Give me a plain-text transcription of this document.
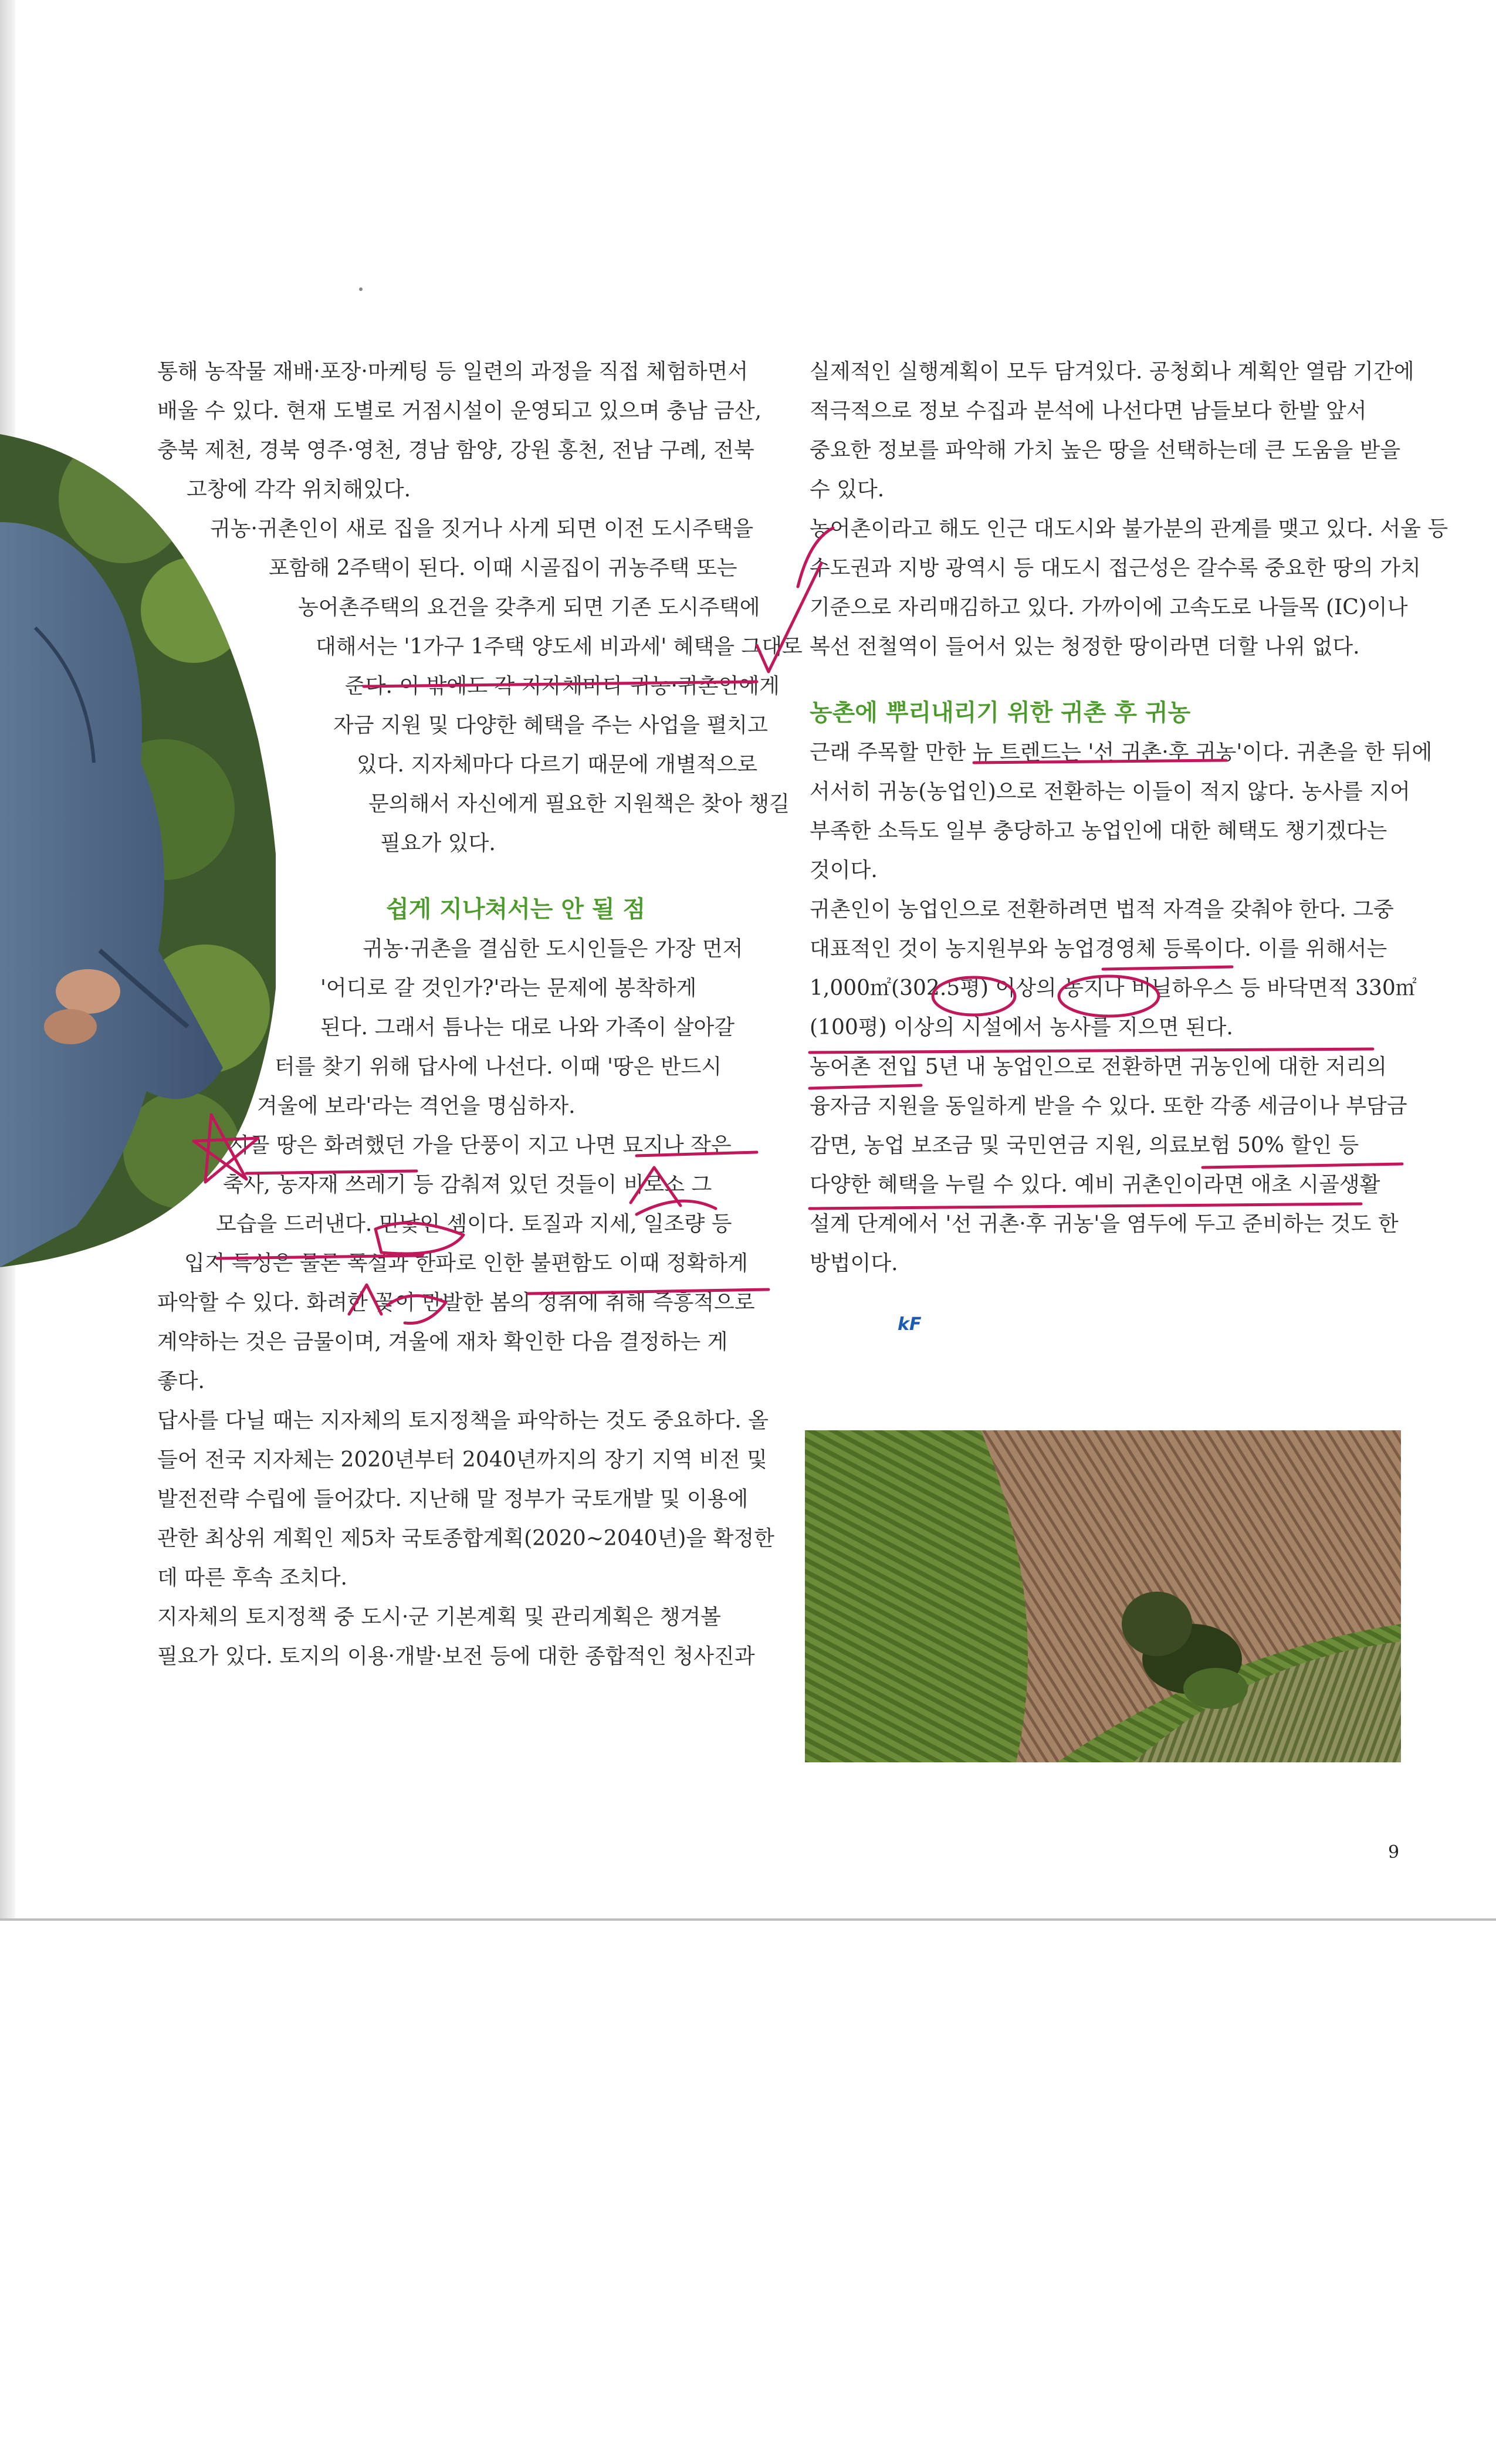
통해 농작물 재배·포장·마케팅 등 일련의 과정을 직접 체험하면서
배울 수 있다. 현재 도별로 거점시설이 운영되고 있으며 충남 금산,
충북 제천, 경북 영주·영천, 경남 함양, 강원 홍천, 전남 구례, 전북
고창에 각각 위치해있다.
귀농·귀촌인이 새로 집을 짓거나 사게 되면 이전 도시주택을
포함해 2주택이 된다. 이때 시골집이 귀농주택 또는
농어촌주택의 요건을 갖추게 되면 기존 도시주택에
대해서는 '1가구 1주택 양도세 비과세' 혜택을 그대로
준다. 이 밖에도 각 지자체마다 귀농·귀촌인에게
자금 지원 및 다양한 혜택을 주는 사업을 펼치고
있다. 지자체마다 다르기 때문에 개별적으로
문의해서 자신에게 필요한 지원책은 찾아 챙길
필요가 있다.
쉽게 지나쳐서는 안 될 점
귀농·귀촌을 결심한 도시인들은 가장 먼저
'어디로 갈 것인가?'라는 문제에 봉착하게
된다. 그래서 틈나는 대로 나와 가족이 살아갈
터를 찾기 위해 답사에 나선다. 이때 '땅은 반드시
겨울에 보라'라는 격언을 명심하자.
시골 땅은 화려했던 가을 단풍이 지고 나면 묘지나 작은
축사, 농자재 쓰레기 등 감춰져 있던 것들이 비로소 그
모습을 드러낸다. 민낯인 셈이다. 토질과 지세, 일조량 등
입지 특성은 물론 폭설과 한파로 인한 불편함도 이때 정확하게
파악할 수 있다. 화려한 꽃이 만발한 봄의 정취에 취해 즉흥적으로
계약하는 것은 금물이며, 겨울에 재차 확인한 다음 결정하는 게
좋다.
답사를 다닐 때는 지자체의 토지정책을 파악하는 것도 중요하다. 올
들어 전국 지자체는 2020년부터 2040년까지의 장기 지역 비전 및
발전전략 수립에 들어갔다. 지난해 말 정부가 국토개발 및 이용에
관한 최상위 계획인 제5차 국토종합계획(2020~2040년)을 확정한
데 따른 후속 조치다.
지자체의 토지정책 중 도시·군 기본계획 및 관리계획은 챙겨볼
필요가 있다. 토지의 이용·개발·보전 등에 대한 종합적인 청사진과
실제적인 실행계획이 모두 담겨있다. 공청회나 계획안 열람 기간에
적극적으로 정보 수집과 분석에 나선다면 남들보다 한발 앞서
중요한 정보를 파악해 가치 높은 땅을 선택하는데 큰 도움을 받을
수 있다.
농어촌이라고 해도 인근 대도시와 불가분의 관계를 맺고 있다. 서울 등
수도권과 지방 광역시 등 대도시 접근성은 갈수록 중요한 땅의 가치
기준으로 자리매김하고 있다. 가까이에 고속도로 나들목 (IC)이나
복선 전철역이 들어서 있는 청정한 땅이라면 더할 나위 없다.
농촌에 뿌리내리기 위한 귀촌 후 귀농
근래 주목할 만한 뉴 트렌드는 '선 귀촌·후 귀농'이다. 귀촌을 한 뒤에
서서히 귀농(농업인)으로 전환하는 이들이 적지 않다. 농사를 지어
부족한 소득도 일부 충당하고 농업인에 대한 혜택도 챙기겠다는
것이다.
귀촌인이 농업인으로 전환하려면 법적 자격을 갖춰야 한다. 그중
대표적인 것이 농지원부와 농업경영체 등록이다. 이를 위해서는
1,000㎡(302.5평) 이상의 농지나 비닐하우스 등 바닥면적 330㎡
(100평) 이상의 시설에서 농사를 지으면 된다.
농어촌 전입 5년 내 농업인으로 전환하면 귀농인에 대한 저리의
융자금 지원을 동일하게 받을 수 있다. 또한 각종 세금이나 부담금
감면, 농업 보조금 및 국민연금 지원, 의료보험 50% 할인 등
다양한 혜택을 누릴 수 있다. 예비 귀촌인이라면 애초 시골생활
설계 단계에서 '선 귀촌·후 귀농'을 염두에 두고 준비하는 것도 한
방법이다.
kF
9
